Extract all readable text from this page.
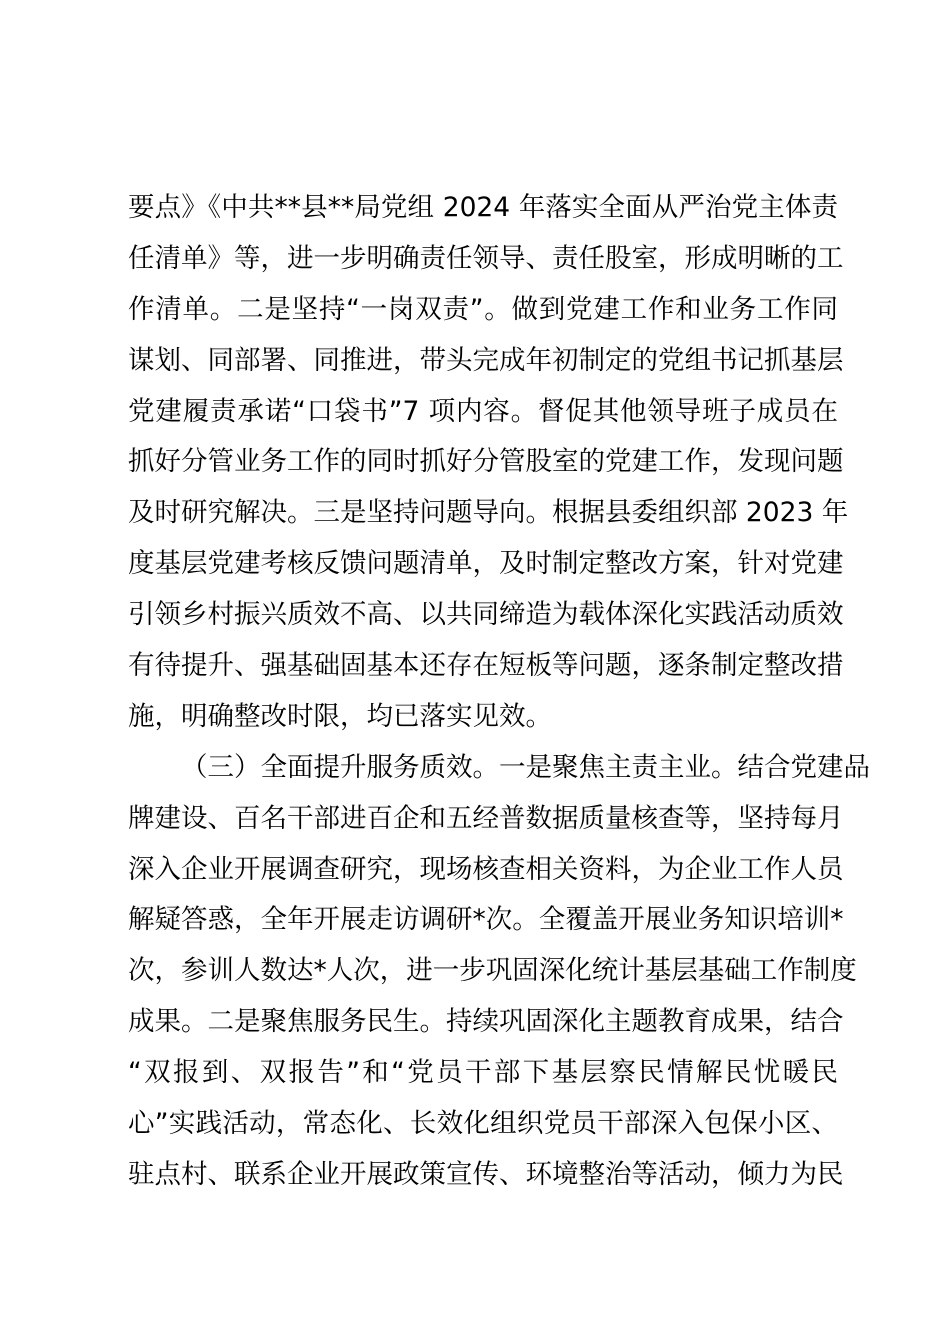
要点》《中共**县**局党组 2024 年落实全面从严治党主体责
任清单》等，进一步明确责任领导、责任股室，形成明晰的工
作清单。二是坚持“一岗双责”。做到党建工作和业务工作同
谋划、同部署、同推进，带头完成年初制定的党组书记抓基层
党建履责承诺“口袋书”7 项内容。督促其他领导班子成员在
抓好分管业务工作的同时抓好分管股室的党建工作，发现问题
及时研究解决。三是坚持问题导向。根据县委组织部 2023 年
度基层党建考核反馈问题清单，及时制定整改方案，针对党建
引领乡村振兴质效不高、以共同缔造为载体深化实践活动质效
有待提升、强基础固基本还存在短板等问题，逐条制定整改措
施，明确整改时限，均已落实见效。
（三）全面提升服务质效。一是聚焦主责主业。结合党建品
牌建设、百名干部进百企和五经普数据质量核查等，坚持每月
深入企业开展调查研究，现场核查相关资料，为企业工作人员
解疑答惑，全年开展走访调研*次。全覆盖开展业务知识培训*
次，参训人数达*人次，进一步巩固深化统计基层基础工作制度
成果。二是聚焦服务民生。持续巩固深化主题教育成果，结合
“双报到、双报告”和“党员干部下基层察民情解民忧暖民
心”实践活动，常态化、长效化组织党员干部深入包保小区、
驻点村、联系企业开展政策宣传、环境整治等活动，倾力为民
